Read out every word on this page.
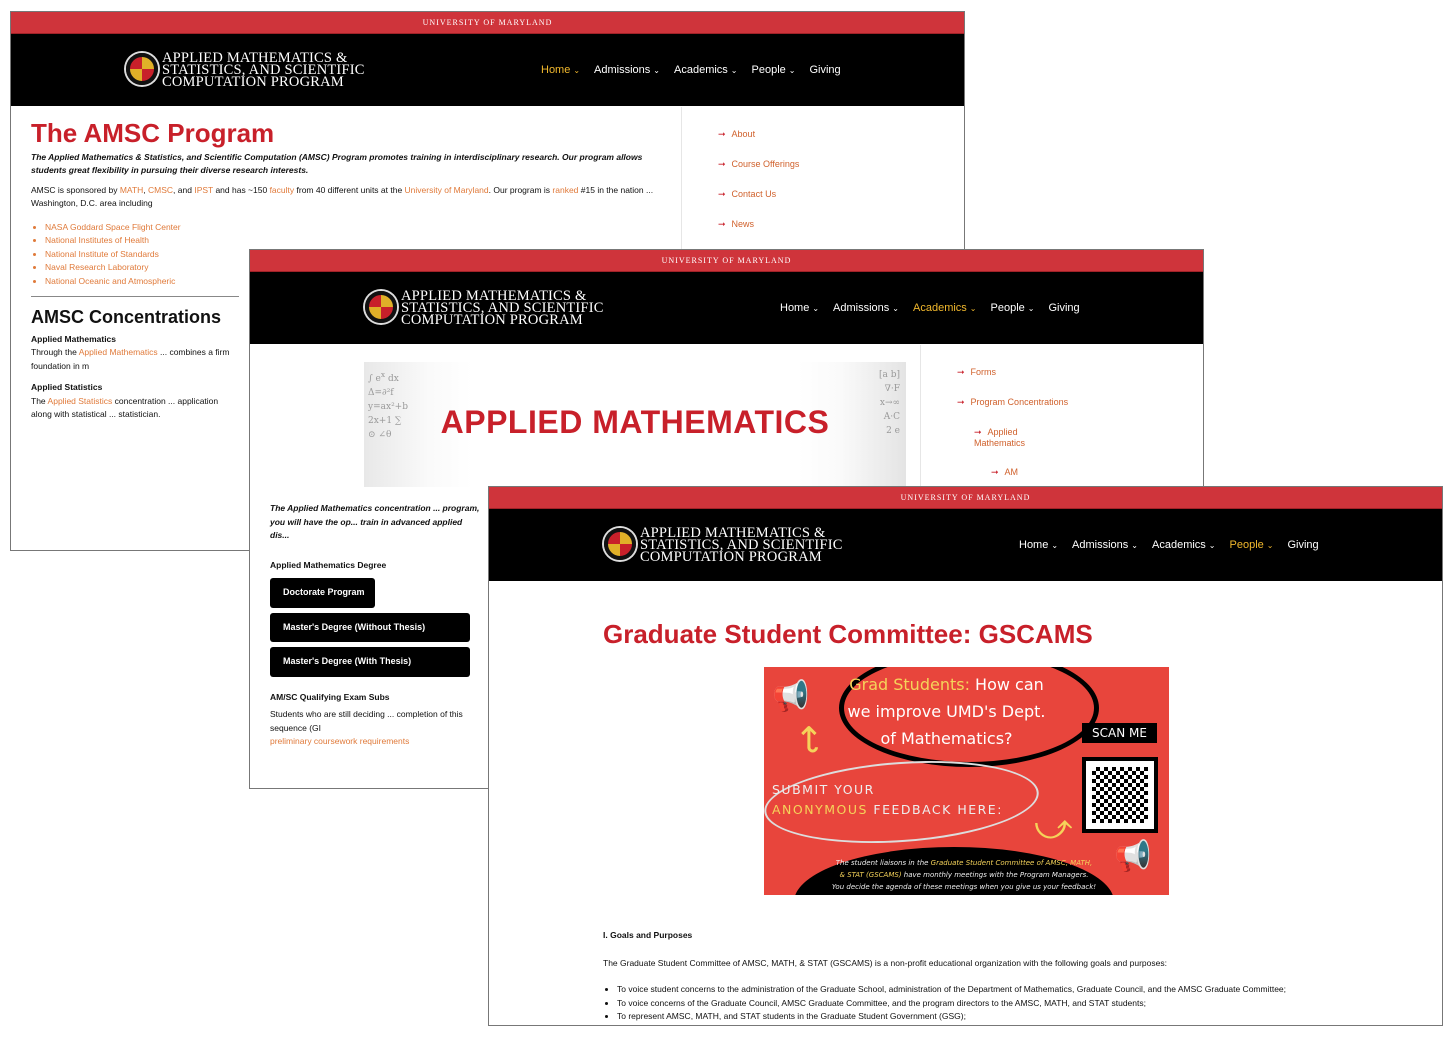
UNIVERSITY OF MARYLAND
APPLIED MATHEMATICS &
STATISTICS, AND SCIENTIFIC
COMPUTATION PROGRAM
Home ⌄ Admissions ⌄ Academics ⌄ People ⌄ Giving
The AMSC Program

The Applied Mathematics & Statistics, and Scientific Computation (AMSC) Program promotes training in interdisciplinary research. Our program allows students great flexibility in pursuing their diverse research interests.

AMSC is sponsored by MATH, CMSC, and IPST and has ~150 faculty from 40 different units at the University of Maryland. Our program is ranked #15 in the nation ... Washington, D.C. area including

• NASA Goddard Space Flight Center
• National Institutes of Health
• National Institute of Standards
• Naval Research Laboratory
• National Oceanic and Atmospheric
AMSC Concentrations
Applied Mathematics

Through the Applied Mathematics ... combines a firm foundation in m

Applied Statistics

The Applied Statistics concentration ... application along with statistical ... statistician.

➞ About
➞ Course Offerings
➞ Contact Us
➞ News
UNIVERSITY OF MARYLAND
APPLIED MATHEMATICS &
STATISTICS, AND SCIENTIFIC
COMPUTATION PROGRAM
Home ⌄ Admissions ⌄ Academics ⌄ People ⌄ Giving
∫ $e^x$ dx
Δ=∂²f
y=ax²+b
2x+1 ∑
⊙ ∠θ
[a b]
∇·F
x→∞
A·C
2 e
APPLIED MATHEMATICS

The Applied Mathematics concentration ... program, you will have the op... train in advanced applied dis...

Applied Mathematics Degree
Doctorate Program
Master's Degree (Without Thesis)
Master's Degree (With Thesis)
AM/SC Qualifying Exam Subs

Students who are still deciding ... completion of this sequence (GI

preliminary coursework requirements
➞ Forms
➞ Program Concentrations
➞ Applied Mathematics
➞ AM
UNIVERSITY OF MARYLAND
APPLIED MATHEMATICS &
STATISTICS, AND SCIENTIFIC
COMPUTATION PROGRAM
Home ⌄ Admissions ⌄ Academics ⌄ People ⌄ Giving
Graduate Student Committee: GSCAMS
Grad Students: How can
we improve UMD's Dept.
of Mathematics?
SUBMIT YOUR
ANONYMOUS FEEDBACK HERE:
The student liaisons in the Graduate Student Committee of AMSC, MATH,
& STAT (GSCAMS) have monthly meetings with the Program Managers.
You decide the agenda of these meetings when you give us your feedback!
SCAN ME
📢
📢
↩
⤻
I. Goals and Purposes

The Graduate Student Committee of AMSC, MATH, & STAT (GSCAMS) is a non-profit educational organization with the following goals and purposes:

• To voice student concerns to the administration of the Graduate School, administration of the Department of Mathematics, Graduate Council, and the AMSC Graduate Committee;
• To voice concerns of the Graduate Council, AMSC Graduate Committee, and the program directors to the AMSC, MATH, and STAT students;
• To represent AMSC, MATH, and STAT students in the Graduate Student Government (GSG);
